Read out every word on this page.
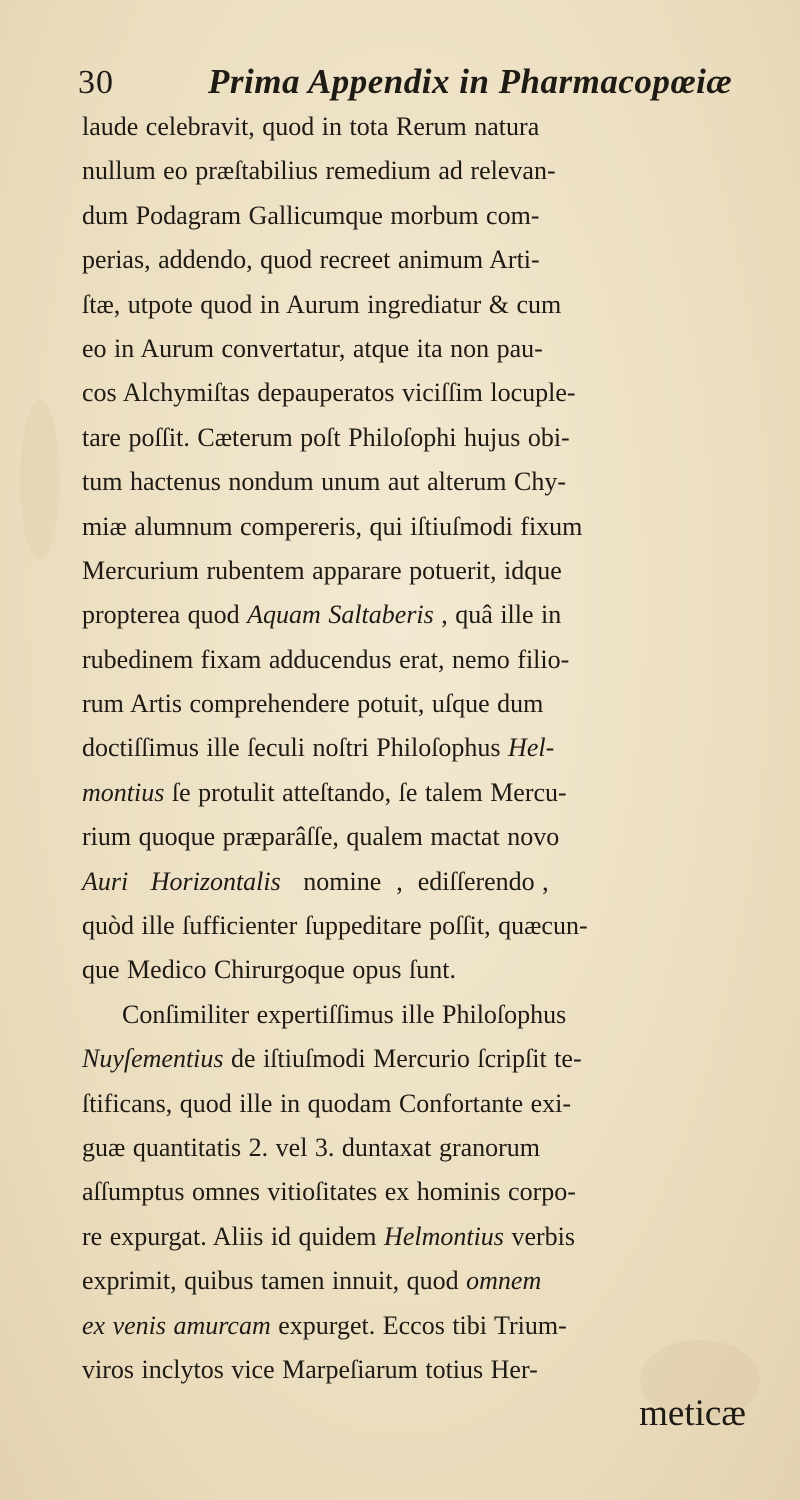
30	Prima Appendix in Pharmacopœiæ
laude celebravit, quod in tota Rerum natura
nullum eo præſtabilius remedium ad relevan-
dum Podagram Gallicumque morbum com-
perias, addendo, quod recreet animum Arti-
ſtæ, utpote quod in Aurum ingrediatur & cum
eo in Aurum convertatur, atque ita non pau-
cos Alchymiſtas depauperatos viciſſim locuple-
tare poſſit. Cæterum poſt Philoſophi hujus obi-
tum hactenus nondum unum aut alterum Chy-
miæ alumnum compereris, qui iſtiuſmodi fixum
Mercurium rubentem apparare potuerit, idque
propterea quod Aquam Saltaberis , quâ ille in
rubedinem fixam adducendus erat, nemo filio-
rum Artis comprehendere potuit, uſque dum
doctiſſimus ille ſeculi noſtri Philoſophus Hel-
montius ſe protulit atteſtando, ſe talem Mercu-
rium quoque præparâſſe, qualem mactat novo
Auri   Horizontalis   nomine  ,  ediſſerendo ,
quòd ille ſufficienter ſuppeditare poſſit, quæcun-
que Medico Chirurgoque opus ſunt.
Conſimiliter expertiſſimus ille Philoſophus
Nuyſementius de iſtiuſmodi Mercurio ſcripſit te-
ſtificans, quod ille in quodam Confortante exi-
guæ quantitatis 2. vel 3. duntaxat granorum
aſſumptus omnes vitioſitates ex hominis corpo-
re expurgat. Aliis id quidem Helmontius verbis
exprimit, quibus tamen innuit, quod omnem
ex venis amurcam expurget. Eccos tibi Trium-
viros inclytos vice Marpeſiarum totius Her-
meticæ
